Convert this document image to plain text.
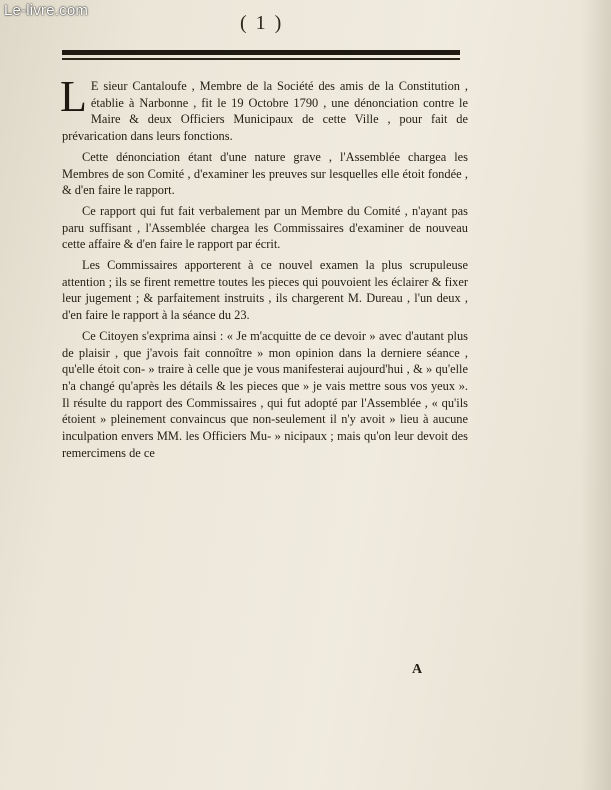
Le-livre.com
( 1 )

L E sieur Cantaloufe , Membre de la Société des amis de la Constitution , établie à Narbonne , fit le 19 Octobre 1790 , une dénonciation contre le Maire & deux Officiers Municipaux de cette Ville , pour fait de prévarication dans leurs fonctions.

Cette dénonciation étant d'une nature grave , l'Assemblée chargea les Membres de son Comité , d'examiner les preuves sur lesquelles elle étoit fondée , & d'en faire le rapport.

Ce rapport qui fut fait verbalement par un Membre du Comité , n'ayant pas paru suffisant , l'Assemblée chargea les Commissaires d'examiner de nouveau cette affaire & d'en faire le rapport par écrit.

Les Commissaires apporterent à ce nouvel examen la plus scrupuleuse attention ; ils se firent remettre toutes les pieces qui pouvoient les éclairer & fixer leur jugement ; & parfaitement instruits , ils chargerent M. Dureau , l'un deux , d'en faire le rapport à la séance du 23.

Ce Citoyen s'exprima ainsi : « Je m'acquitte de ce devoir » avec d'autant plus de plaisir , que j'avois fait connoître » mon opinion dans la derniere séance , qu'elle étoit con- » traire à celle que je vous manifesterai aujourd'hui , & » qu'elle n'a changé qu'après les détails & les pieces que » je vais mettre sous vos yeux ». Il résulte du rapport des Commissaires , qui fut adopté par l'Assemblée , « qu'ils étoient » pleinement convaincus que non-seulement il n'y avoit » lieu à aucune inculpation envers MM. les Officiers Mu- » nicipaux ; mais qu'on leur devoit des remercimens de ce

A
